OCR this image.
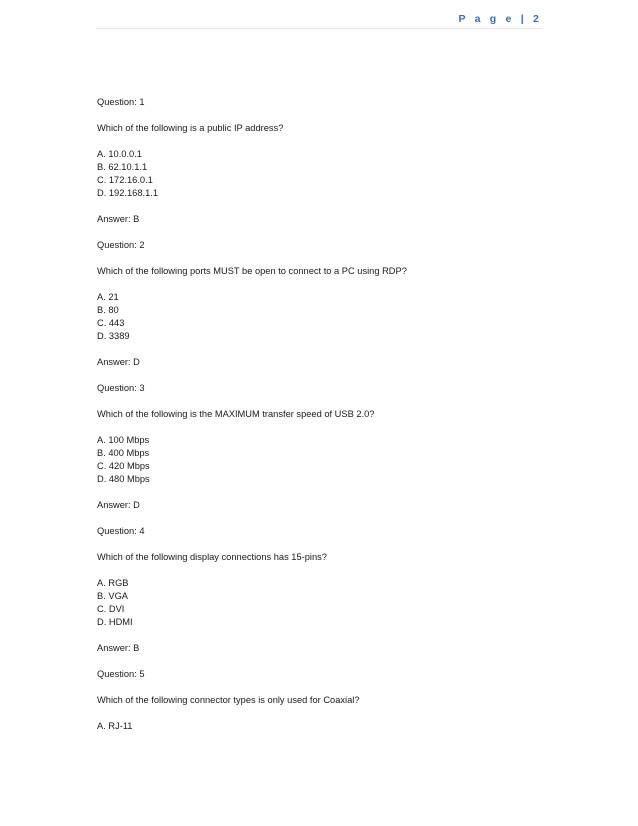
P a g e | 2
Question: 1
Which of the following is a public IP address?
A. 10.0.0.1
B. 62.10.1.1
C. 172.16.0.1
D. 192.168.1.1
Answer: B
Question: 2
Which of the following ports MUST be open to connect to a PC using RDP?
A. 21
B. 80
C. 443
D. 3389
Answer: D
Question: 3
Which of the following is the MAXIMUM transfer speed of USB 2.0?
A. 100 Mbps
B. 400 Mbps
C. 420 Mbps
D. 480 Mbps
Answer: D
Question: 4
Which of the following display connections has 15-pins?
A. RGB
B. VGA
C. DVI
D. HDMI
Answer: B
Question: 5
Which of the following connector types is only used for Coaxial?
A. RJ-11
